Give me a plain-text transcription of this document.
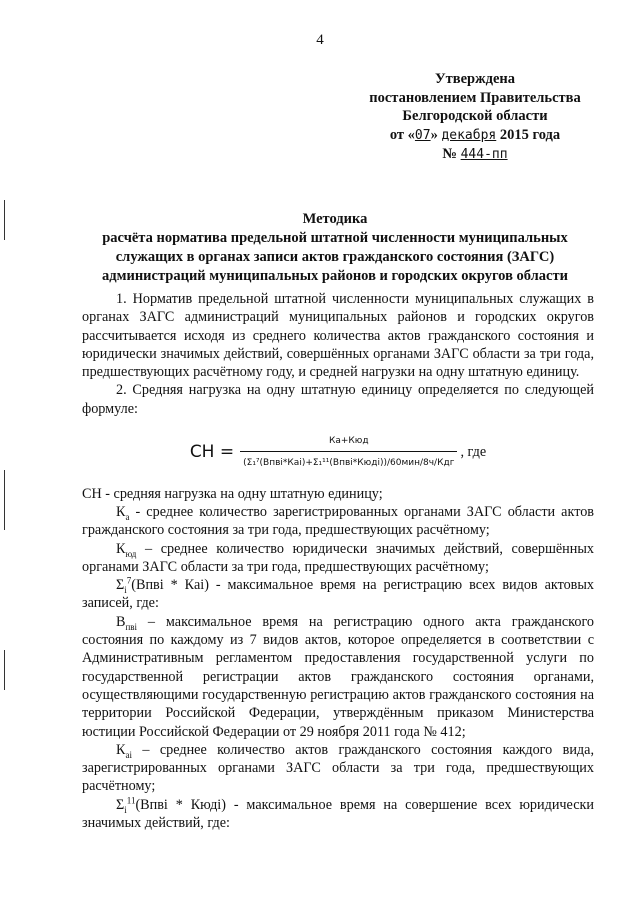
4
Утверждена
постановлением Правительства
Белгородской области
от «07» декабря 2015 года
№ 444-пп
Методика
расчёта норматива предельной штатной численности муниципальных
служащих в органах записи актов гражданского состояния (ЗАГС)
администраций муниципальных районов и городских округов области

1. Норматив предельной штатной численности муниципальных служащих в органах ЗАГС администраций муниципальных районов и городских округов рассчитывается исходя из среднего количества актов гражданского состояния и юридически значимых действий, совершённых органами ЗАГС области за три года, предшествующих расчётному году, и средней нагрузки на одну штатную единицу.

2. Средняя нагрузка на одну штатную единицу определяется по следующей формуле:

СН = $\frac{\text{Ка+Кюд}}{\text{(Σ₁⁷(Впвi*Каi)+Σ₁¹¹(Впвi*Кюдi))/60мин/8ч/Кдг}}$ , где

СН - средняя нагрузка на одну штатную единицу;

$К_а$ - среднее количество зарегистрированных органами ЗАГС области актов гражданского состояния за три года, предшествующих расчётному;

$К_{юд}$ – среднее количество юридически значимых действий, совершённых органами ЗАГС области за три года, предшествующих расчётному;

$\Sigma_i^7(Впвi * Каi)$ - максимальное время на регистрацию всех видов актовых записей, где:

$В_{пвi}$ – максимальное время на регистрацию одного акта гражданского состояния по каждому из 7 видов актов, которое определяется в соответствии с Административным регламентом предоставления государственной услуги по государственной регистрации актов гражданского состояния органами, осуществляющими государственную регистрацию актов гражданского состояния на территории Российской Федерации, утверждённым приказом Министерства юстиции Российской Федерации от 29 ноября 2011 года № 412;

$К_{аi}$ – среднее количество актов гражданского состояния каждого вида, зарегистрированных органами ЗАГС области за три года, предшествующих расчётному;

$\Sigma_i^{11}(Впвi$ * Кюдi) - максимальное время на совершение всех юридически значимых действий, где:
